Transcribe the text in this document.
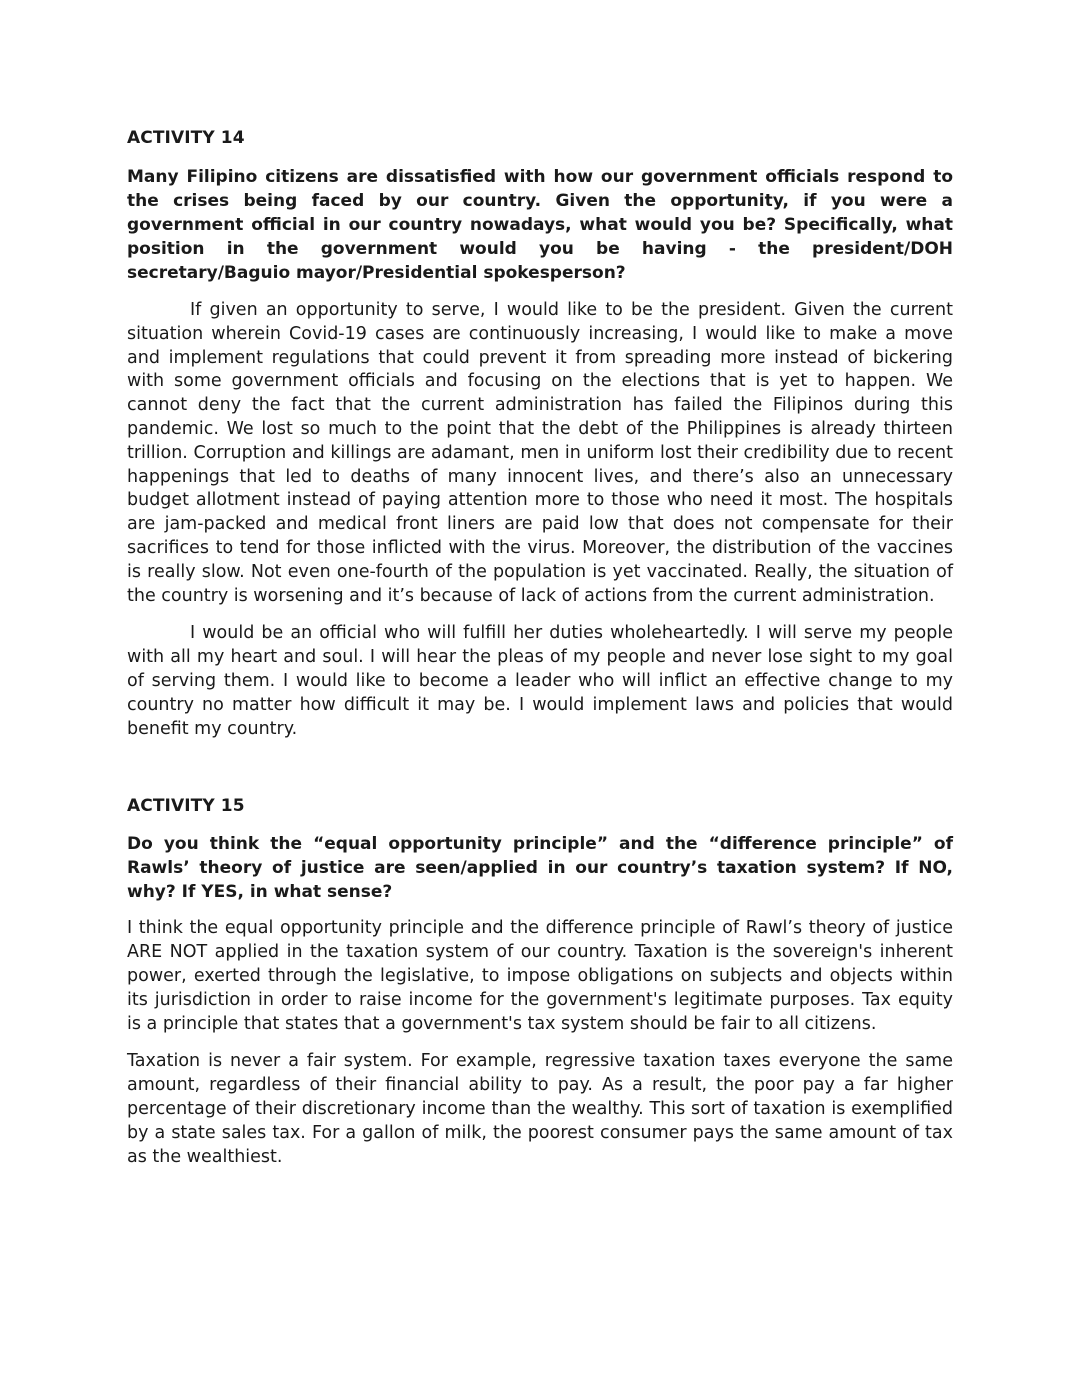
ACTIVITY 14

Many Filipino citizens are dissatisfied with how our government officials respond to the crises being faced by our country. Given the opportunity, if you were a government official in our country nowadays, what would you be? Specifically, what position in the government would you be having - the president/DOH secretary/Baguio mayor/Presidential spokesperson?

If given an opportunity to serve, I would like to be the president. Given the current situation wherein Covid-19 cases are continuously increasing, I would like to make a move and implement regulations that could prevent it from spreading more instead of bickering with some government officials and focusing on the elections that is yet to happen. We cannot deny the fact that the current administration has failed the Filipinos during this pandemic. We lost so much to the point that the debt of the Philippines is already thirteen trillion. Corruption and killings are adamant, men in uniform lost their credibility due to recent happenings that led to deaths of many innocent lives, and there’s also an unnecessary budget allotment instead of paying attention more to those who need it most. The hospitals are jam-packed and medical front liners are paid low that does not compensate for their sacrifices to tend for those inflicted with the virus. Moreover, the distribution of the vaccines is really slow. Not even one-fourth of the population is yet vaccinated. Really, the situation of the country is worsening and it’s because of lack of actions from the current administration.

I would be an official who will fulfill her duties wholeheartedly. I will serve my people with all my heart and soul. I will hear the pleas of my people and never lose sight to my goal of serving them. I would like to become a leader who will inflict an effective change to my country no matter how difficult it may be. I would implement laws and policies that would benefit my country.

ACTIVITY 15

Do you think the “equal opportunity principle” and the “difference principle” of Rawls’ theory of justice are seen/applied in our country’s taxation system? If NO, why? If YES, in what sense?

I think the equal opportunity principle and the difference principle of Rawl’s theory of justice ARE NOT applied in the taxation system of our country. Taxation is the sovereign's inherent power, exerted through the legislative, to impose obligations on subjects and objects within its jurisdiction in order to raise income for the government's legitimate purposes. Tax equity is a principle that states that a government's tax system should be fair to all citizens.

Taxation is never a fair system. For example, regressive taxation taxes everyone the same amount, regardless of their financial ability to pay. As a result, the poor pay a far higher percentage of their discretionary income than the wealthy. This sort of taxation is exemplified by a state sales tax. For a gallon of milk, the poorest consumer pays the same amount of tax as the wealthiest.
